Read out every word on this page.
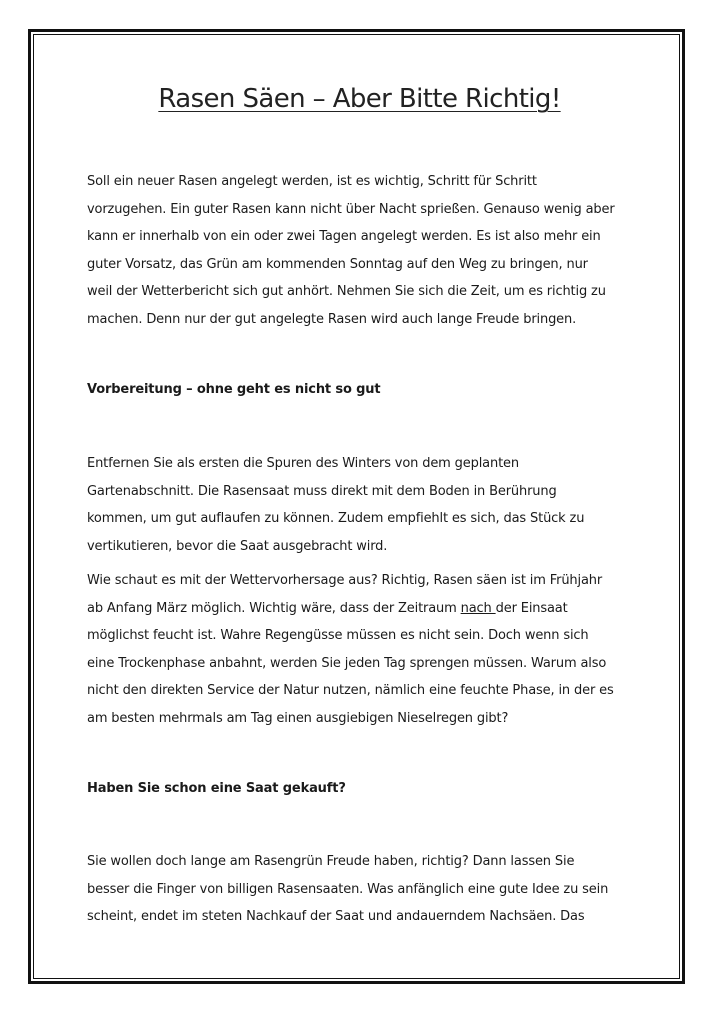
Rasen Säen – Aber Bitte Richtig!

Soll ein neuer Rasen angelegt werden, ist es wichtig, Schritt für Schritt
vorzugehen. Ein guter Rasen kann nicht über Nacht sprießen. Genauso wenig aber
kann er innerhalb von ein oder zwei Tagen angelegt werden. Es ist also mehr ein
guter Vorsatz, das Grün am kommenden Sonntag auf den Weg zu bringen, nur
weil der Wetterbericht sich gut anhört. Nehmen Sie sich die Zeit, um es richtig zu
machen. Denn nur der gut angelegte Rasen wird auch lange Freude bringen.

Vorbereitung – ohne geht es nicht so gut

Entfernen Sie als ersten die Spuren des Winters von dem geplanten
Gartenabschnitt. Die Rasensaat muss direkt mit dem Boden in Berührung
kommen, um gut auflaufen zu können. Zudem empfiehlt es sich, das Stück zu
vertikutieren, bevor die Saat ausgebracht wird.

Wie schaut es mit der Wettervorhersage aus? Richtig, Rasen säen ist im Frühjahr
ab Anfang März möglich. Wichtig wäre, dass der Zeitraum nach der Einsaat
möglichst feucht ist. Wahre Regengüsse müssen es nicht sein. Doch wenn sich
eine Trockenphase anbahnt, werden Sie jeden Tag sprengen müssen. Warum also
nicht den direkten Service der Natur nutzen, nämlich eine feuchte Phase, in der es
am besten mehrmals am Tag einen ausgiebigen Nieselregen gibt?

Haben Sie schon eine Saat gekauft?

Sie wollen doch lange am Rasengrün Freude haben, richtig? Dann lassen Sie
besser die Finger von billigen Rasensaaten. Was anfänglich eine gute Idee zu sein
scheint, endet im steten Nachkauf der Saat und andauerndem Nachsäen. Das
